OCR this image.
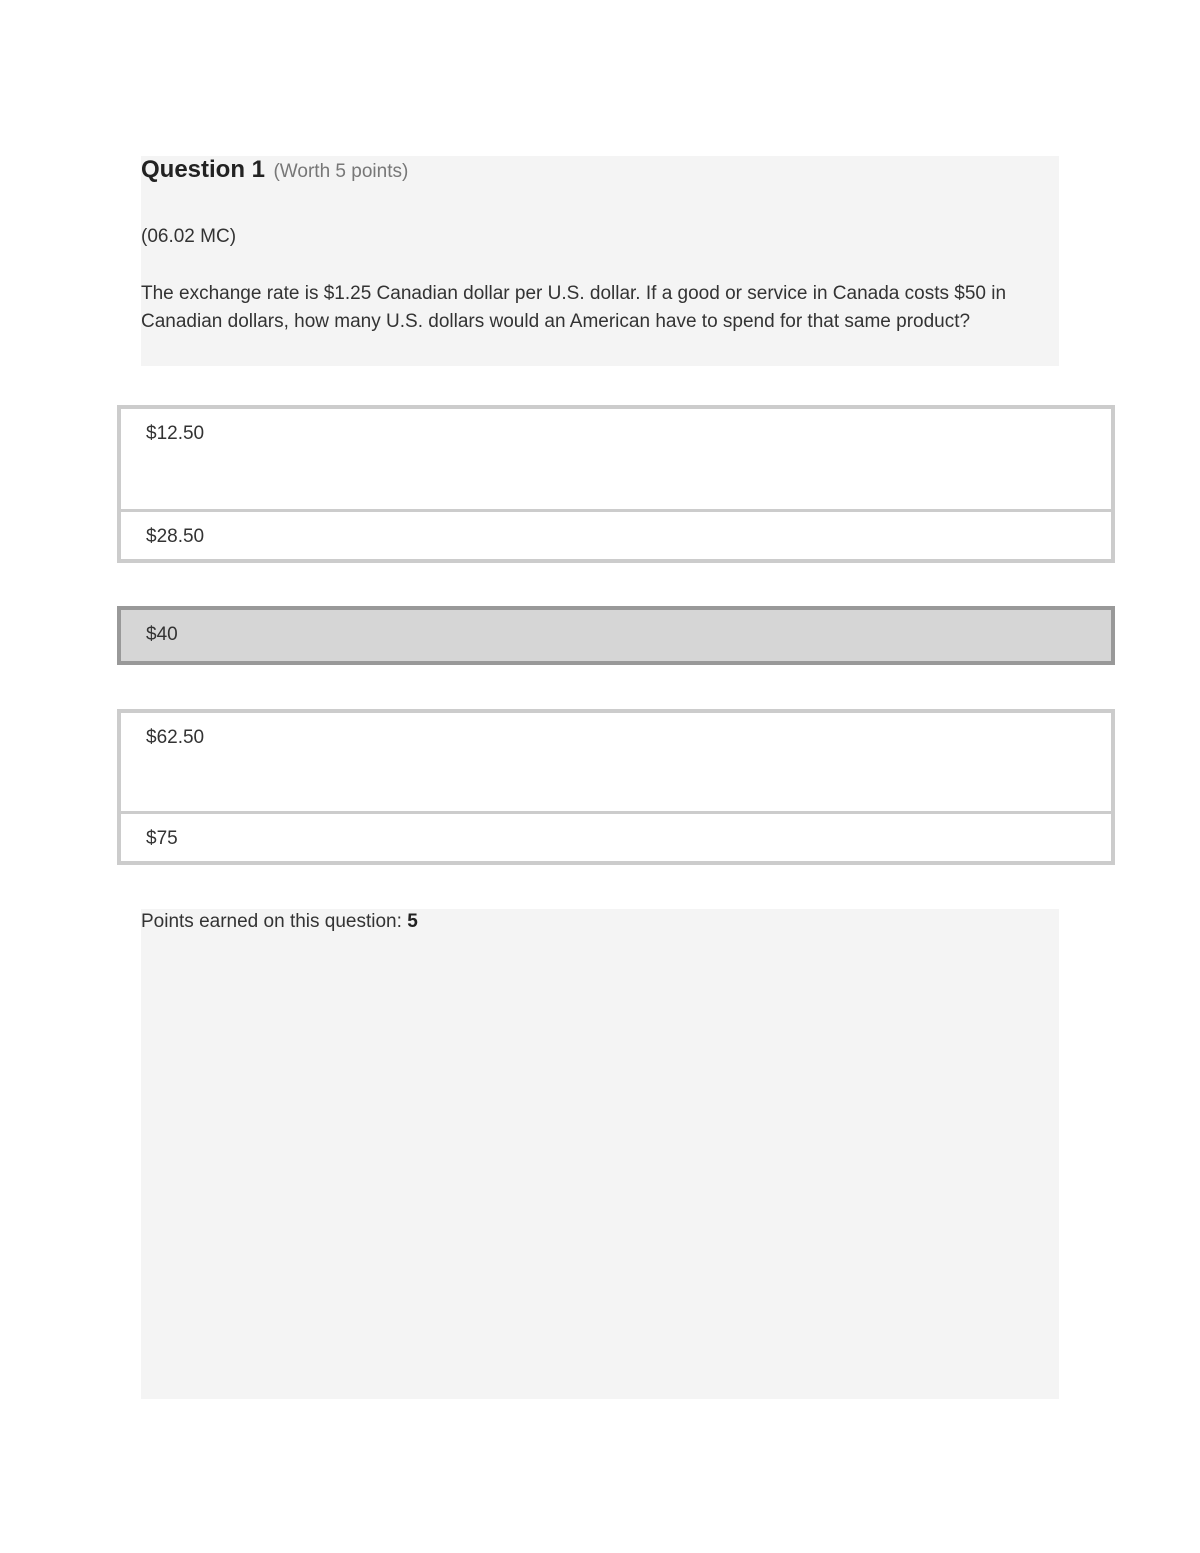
Question 1 (Worth 5 points)
(06.02 MC)
The exchange rate is $1.25 Canadian dollar per U.S. dollar. If a good or service in Canada costs $50 in Canadian dollars, how many U.S. dollars would an American have to spend for that same product?
$12.50
$28.50
$40
$62.50
$75
Points earned on this question: 5
